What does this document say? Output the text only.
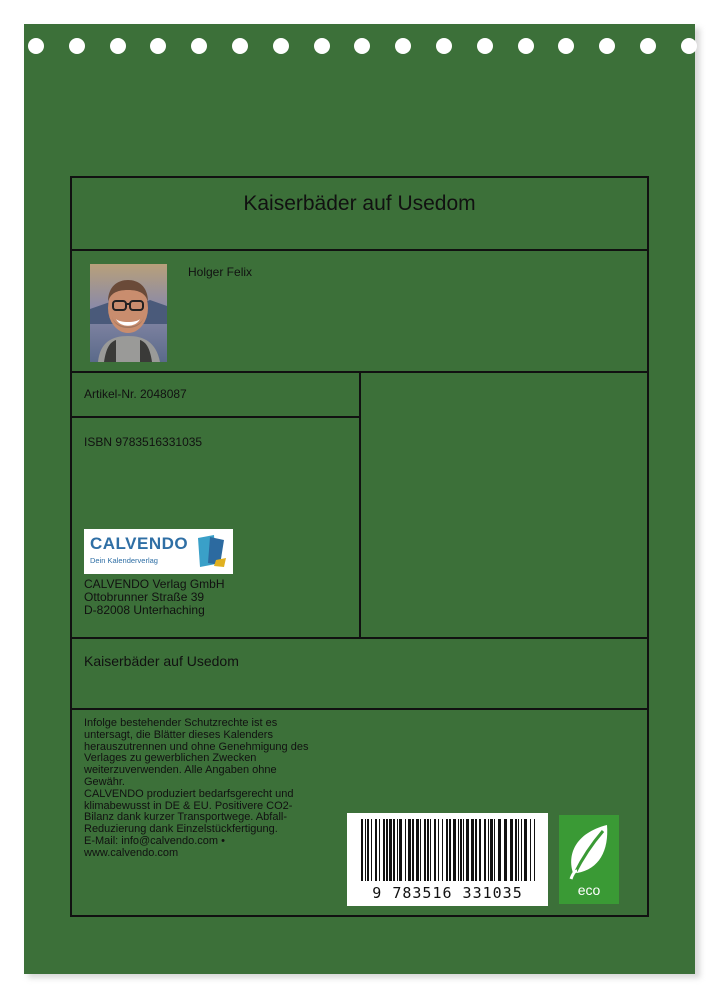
Kaiserbäder auf Usedom
Holger Felix
Artikel-Nr. 2048087
ISBN 9783516331035
CALVENDO
Dein Kalenderverlag
CALVENDO Verlag GmbH
Ottobrunner Straße 39
D-82008 Unterhaching
Kaiserbäder auf Usedom
Infolge bestehender Schutzrechte ist es
untersagt, die Blätter dieses Kalenders
herauszutrennen und ohne Genehmigung des
Verlages zu gewerblichen Zwecken
weiterzuverwenden. Alle Angaben ohne
Gewähr.
CALVENDO produziert bedarfsgerecht und
klimabewusst in DE & EU. Positivere CO2-
Bilanz dank kurzer Transportwege. Abfall-
Reduzierung dank Einzelstückfertigung.
E-Mail: info@calvendo.com •
www.calvendo.com
9 783516 331035	eco
